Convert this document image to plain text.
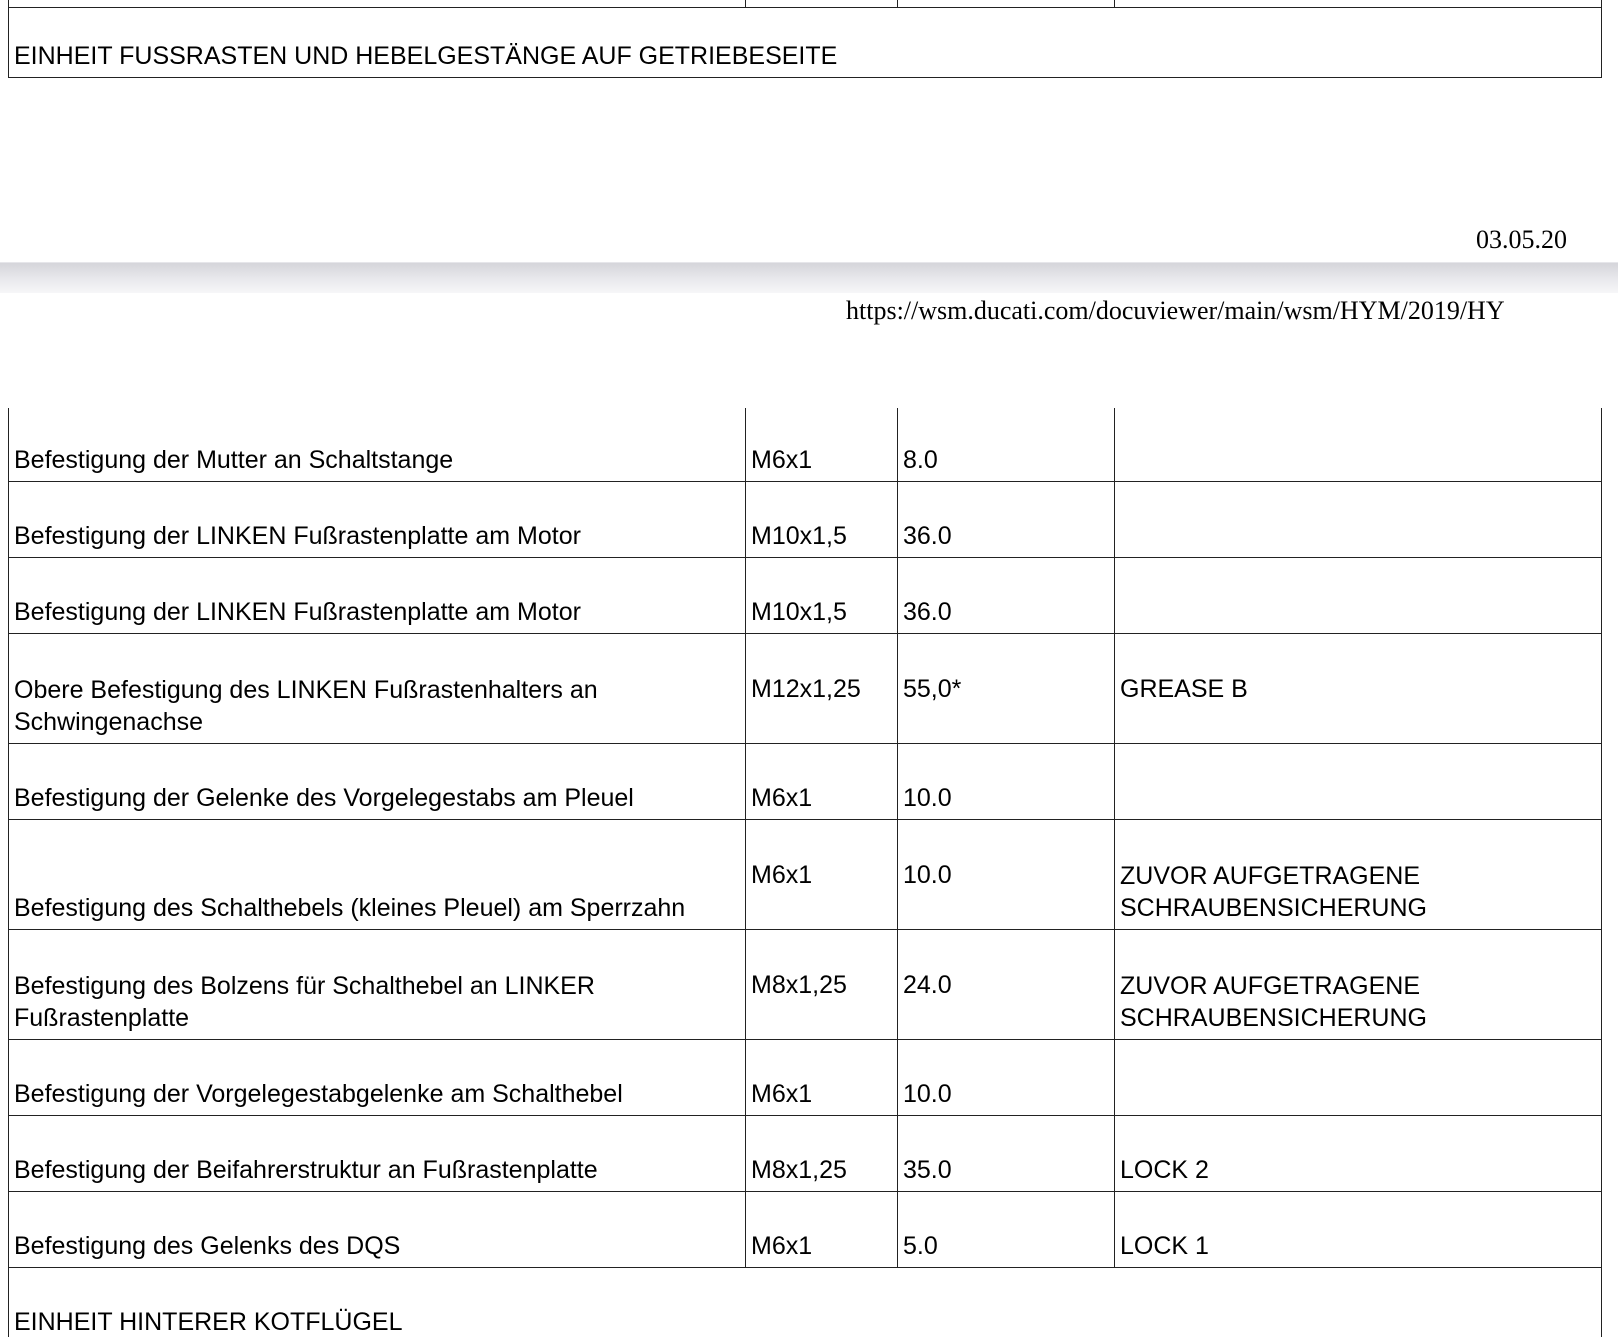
EINHEIT FUSSRASTEN UND HEBELGESTÄNGE AUF GETRIEBESEITE
03.05.20
https://wsm.ducati.com/docuviewer/main/wsm/HYM/2019/HY
Befestigung der Mutter an Schaltstange	M6x1	8.0	
Befestigung der LINKEN Fußrastenplatte am Motor	M10x1,5	36.0	
Befestigung der LINKEN Fußrastenplatte am Motor	M10x1,5	36.0	
Obere Befestigung des LINKEN Fußrastenhalters an Schwingenachse	M12x1,25	55,0*	GREASE B
Befestigung der Gelenke des Vorgelegestabs am Pleuel	M6x1	10.0	
Befestigung des Schalthebels (kleines Pleuel) am Sperrzahn	M6x1	10.0	ZUVOR AUFGETRAGENE SCHRAUBENSICHERUNG
Befestigung des Bolzens für Schalthebel an LINKER Fußrastenplatte	M8x1,25	24.0	ZUVOR AUFGETRAGENE SCHRAUBENSICHERUNG
Befestigung der Vorgelegestabgelenke am Schalthebel	M6x1	10.0	
Befestigung der Beifahrerstruktur an Fußrastenplatte	M8x1,25	35.0	LOCK 2
Befestigung des Gelenks des DQS	M6x1	5.0	LOCK 1
EINHEIT HINTERER KOTFLÜGEL			
